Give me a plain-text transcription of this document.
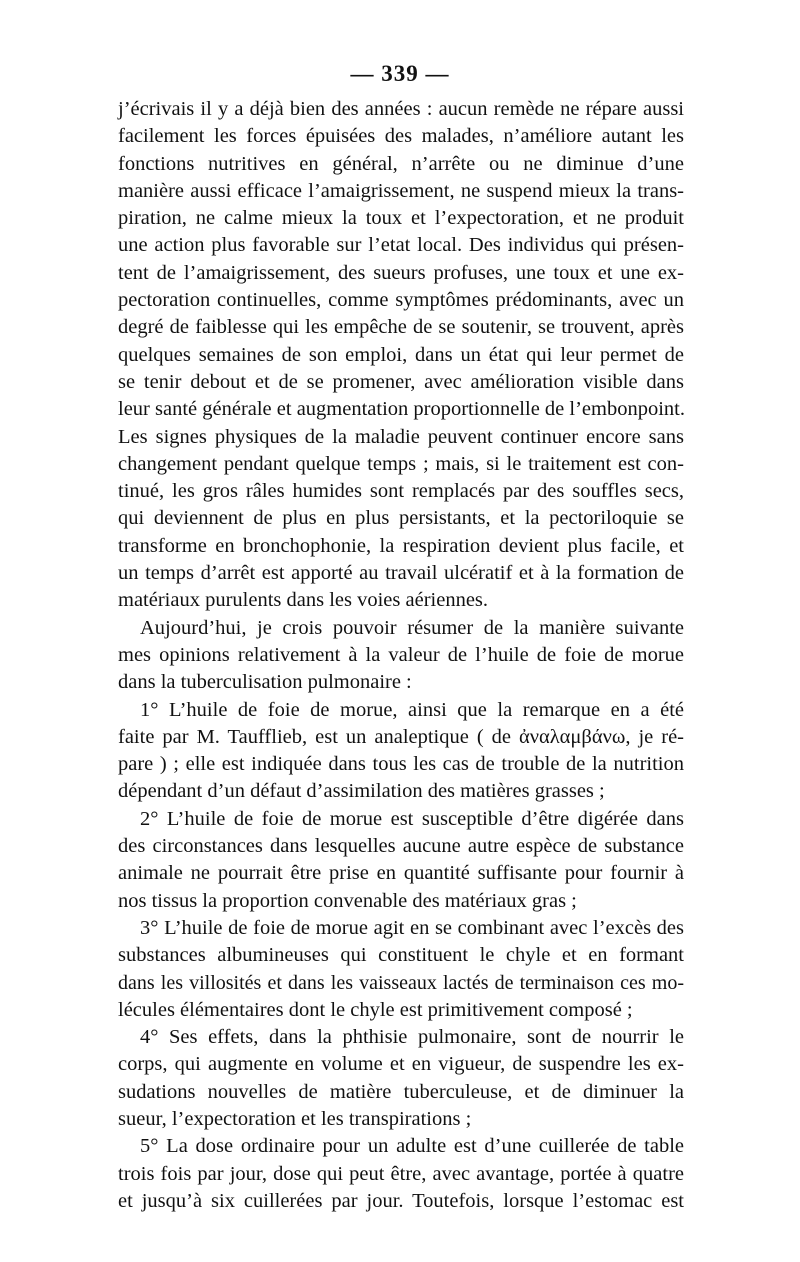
— 339 —
j’écrivais il y a déjà bien des années : aucun remède ne répare aussi
facilement les forces épuisées des malades, n’améliore autant les
fonctions nutritives en général, n’arrête ou ne diminue d’une
manière aussi efficace l’amaigrissement, ne suspend mieux la trans-
piration, ne calme mieux la toux et l’expectoration, et ne produit
une action plus favorable sur l’etat local. Des individus qui présen-
tent de l’amaigrissement, des sueurs profuses, une toux et une ex-
pectoration continuelles, comme symptômes prédominants, avec un
degré de faiblesse qui les empêche de se soutenir, se trouvent, après
quelques semaines de son emploi, dans un état qui leur permet de
se tenir debout et de se promener, avec amélioration visible dans
leur santé générale et augmentation proportionnelle de l’embonpoint.
Les signes physiques de la maladie peuvent continuer encore sans
changement pendant quelque temps ; mais, si le traitement est con-
tinué, les gros râles humides sont remplacés par des souffles secs,
qui deviennent de plus en plus persistants, et la pectoriloquie se
transforme en bronchophonie, la respiration devient plus facile, et
un temps d’arrêt est apporté au travail ulcératif et à la formation de
matériaux purulents dans les voies aériennes.
Aujourd’hui, je crois pouvoir résumer de la manière suivante
mes opinions relativement à la valeur de l’huile de foie de morue
dans la tuberculisation pulmonaire :
1° L’huile de foie de morue, ainsi que la remarque en a été
faite par M. Taufflieb, est un analeptique ( de ἀναλαμβάνω, je ré-
pare ) ; elle est indiquée dans tous les cas de trouble de la nutrition
dépendant d’un défaut d’assimilation des matières grasses ;
2° L’huile de foie de morue est susceptible d’être digérée dans
des circonstances dans lesquelles aucune autre espèce de substance
animale ne pourrait être prise en quantité suffisante pour fournir à
nos tissus la proportion convenable des matériaux gras ;
3° L’huile de foie de morue agit en se combinant avec l’excès des
substances albumineuses qui constituent le chyle et en formant
dans les villosités et dans les vaisseaux lactés de terminaison ces mo-
lécules élémentaires dont le chyle est primitivement composé ;
4° Ses effets, dans la phthisie pulmonaire, sont de nourrir le
corps, qui augmente en volume et en vigueur, de suspendre les ex-
sudations nouvelles de matière tuberculeuse, et de diminuer la
sueur, l’expectoration et les transpirations ;
5° La dose ordinaire pour un adulte est d’une cuillerée de table
trois fois par jour, dose qui peut être, avec avantage, portée à quatre
et jusqu’à six cuillerées par jour. Toutefois, lorsque l’estomac est
